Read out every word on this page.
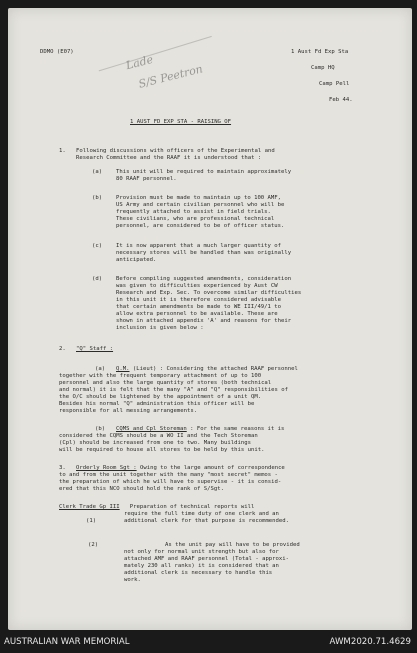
Lade
S/S Peetron
DDMO (E07)	1 Aust Fd Exp Sta
Camp HQ
Camp Pell
Feb 44.
1 AUST FD EXP STA - RAISING OF
1. Following discussions with officers of the Experimental and
Research Committee and the RAAF it is understood that :
(a) This unit will be required to maintain approximately
80 RAAF personnel.
(b) Provision must be made to maintain up to 100 AMF,
US Army and certain civilian personnel who will be
frequently attached to assist in field trials.
These civilians, who are professional technical
personnel, are considered to be of officer status.
(c) It is now apparent that a much larger quantity of
necessary stores will be handled than was originally
anticipated.
(d) Before compiling suggested amendments, consideration
was given to difficulties experienced by Aust CW
Research and Exp. Sec. To overcome similar difficulties
in this unit it is therefore considered advisable
that certain amendments be made to WE III/49/1 to
allow extra personnel to be available. These are
shown in attached appendix 'A' and reasons for their
inclusion is given below :
2. "Q" Staff :
(a) Q.M. (Lieut) : Considering the attached RAAF personnel
together with the frequent temporary attachment of up to 100
personnel and also the large quantity of stores (both technical
and normal) it is felt that the many "A" and "Q" responsibilities of
the O/C should be lightened by the appointment of a unit QM.
Besides his normal "Q" administration this officer will be
responsible for all messing arrangements.
(b) CQMS and Cpl Storeman : For the same reasons it is
considered the CQMS should be a WO II and the Tech Storeman
(Cpl) should be increased from one to two. Many buildings
will be required to house all stores to be held by this unit.
3. Orderly Room Sgt : Owing to the large amount of correspondence
to and from the unit together with the many "most secret" memos -
the preparation of which he will have to supervise - it is consid-
ered that this NCO should hold the rank of S/Sgt.
Clerk Trade Gp III   Preparation of technical reports will
(1)
require the full time duty of one clerk and an
additional clerk for that purpose is recommended.
(2)	As the unit pay will have to be provided
not only for normal unit strength but also for
attached AMF and RAAF personnel (Total - approxi-
mately 230 all ranks) it is considered that an
additional clerk is necessary to handle this
work.
AUSTRALIAN WAR MEMORIAL	AWM2020.71.4629
